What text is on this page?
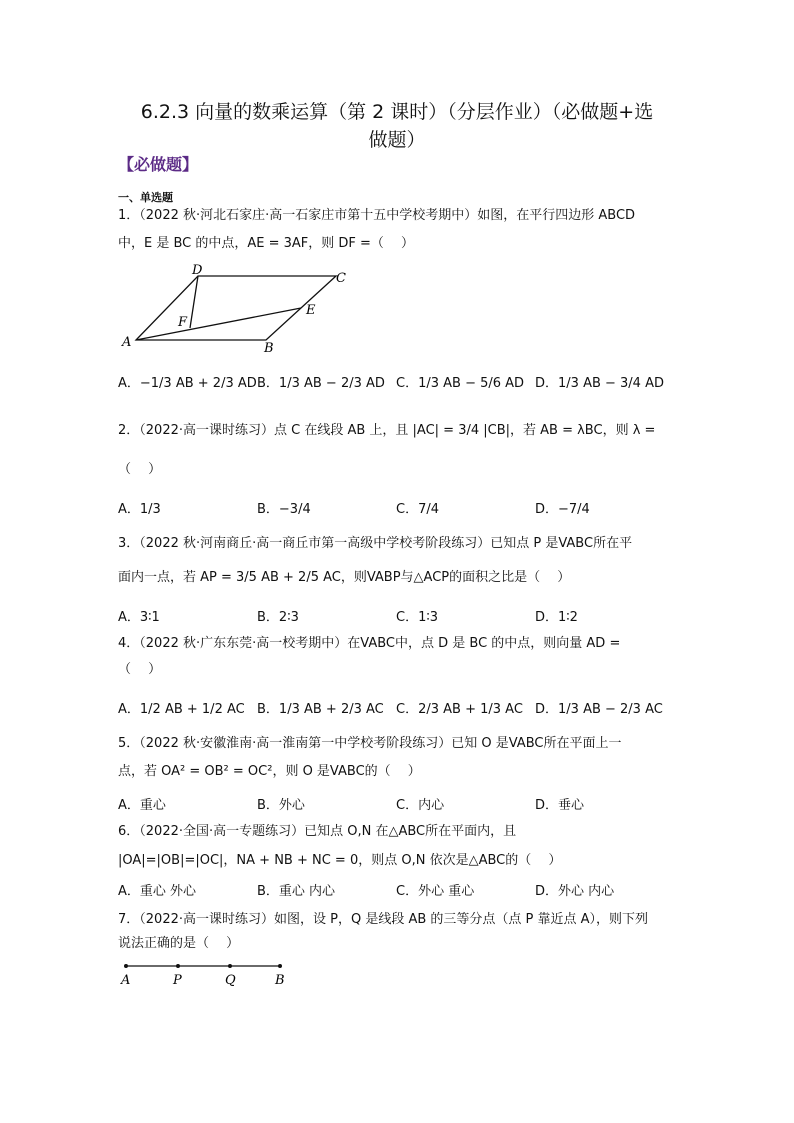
6.2.3 向量的数乘运算（第 2 课时）（分层作业）（必做题+选
做题）
【必做题】
一、单选题
1．（2022 秋·河北石家庄·高一石家庄市第十五中学校考期中）如图，在平行四边形 ABCD
中，E 是 BC 的中点，AE = 3AF，则 DF =（　 ）
D
C
F
E
A	B
A．−1/3 AB + 2/3 AD B．1/3 AB − 2/3 AD C．1/3 AB − 5/6 AD D．1/3 AB − 3/4 AD
2．（2022·高一课时练习）点 C 在线段 AB 上，且 |AC| = 3/4 |CB|，若 AB = λBC，则 λ =
（　 ）
A．1/3	B．−3/4	C．7/4	D．−7/4
3．（2022 秋·河南商丘·高一商丘市第一高级中学校考阶段练习）已知点 P 是VABC所在平
面内一点，若 AP = 3/5 AB + 2/5 AC，则VABP与△ACP的面积之比是（　 ）
A．3∶1	B．2∶3	C．1∶3	D．1∶2
4．（2022 秋·广东东莞·高一校考期中）在VABC中，点 D 是 BC 的中点，则向量 AD =
（　 ）
A．1/2 AB + 1/2 AC B．1/3 AB + 2/3 AC C．2/3 AB + 1/3 AC D．1/3 AB − 2/3 AC
5．（2022 秋·安徽淮南·高一淮南第一中学校考阶段练习）已知 O 是VABC所在平面上一
点，若 OA² = OB² = OC²，则 O 是VABC的（　 ）
A．重心	B．外心	C．内心	D．垂心
6．（2022·全国·高一专题练习）已知点 O,N 在△ABC所在平面内，且
|OA|=|OB|=|OC|，NA + NB + NC = 0，则点 O,N 依次是△ABC的（　 ）
A．重心 外心	B．重心 内心	C．外心 重心	D．外心 内心
7．（2022·高一课时练习）如图，设 P，Q 是线段 AB 的三等分点（点 P 靠近点 A），则下列
说法正确的是（　 ）
A	P	Q	B
